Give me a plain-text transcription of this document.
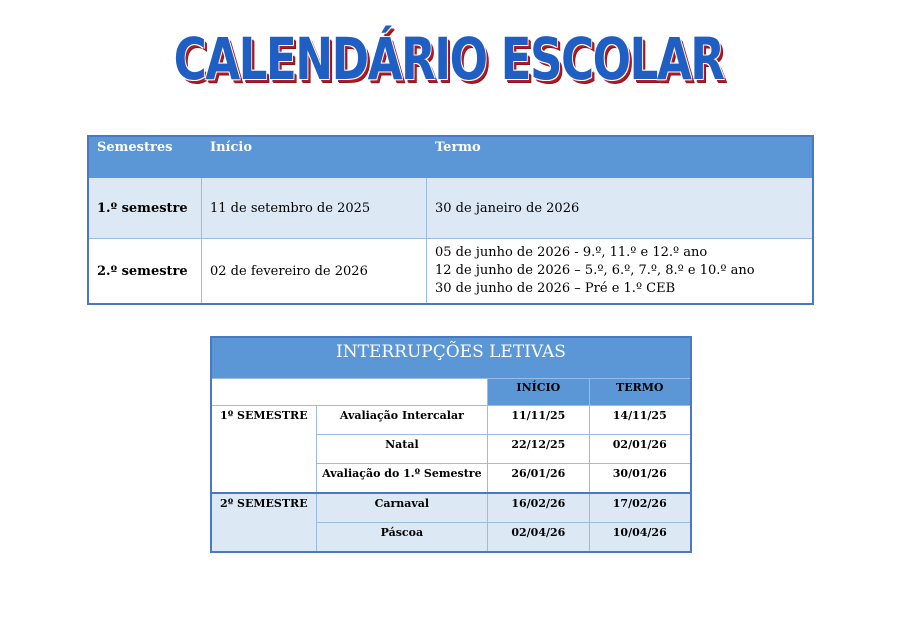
CALENDÁRIO ESCOLAR
Semestres	Início	Termo
1.º semestre	11 de setembro de 2025	30 de janeiro de 2026
2.º semestre	02 de fevereiro de 2026	05 de junho de 2026 - 9.º, 11.º e 12.º ano
12 de junho de 2026 – 5.º, 6.º, 7.º, 8.º e 10.º ano
30 de junho de 2026 – Pré e 1.º CEB
INTERRUPÇÕES LETIVAS			
		INÍCIO	TERMO
1º SEMESTRE	Avaliação Intercalar	11/11/25	14/11/25
	Natal	22/12/25	02/01/26
	Avaliação do 1.º Semestre	26/01/26	30/01/26
2º SEMESTRE	Carnaval	16/02/26	17/02/26
	Páscoa	02/04/26	10/04/26
